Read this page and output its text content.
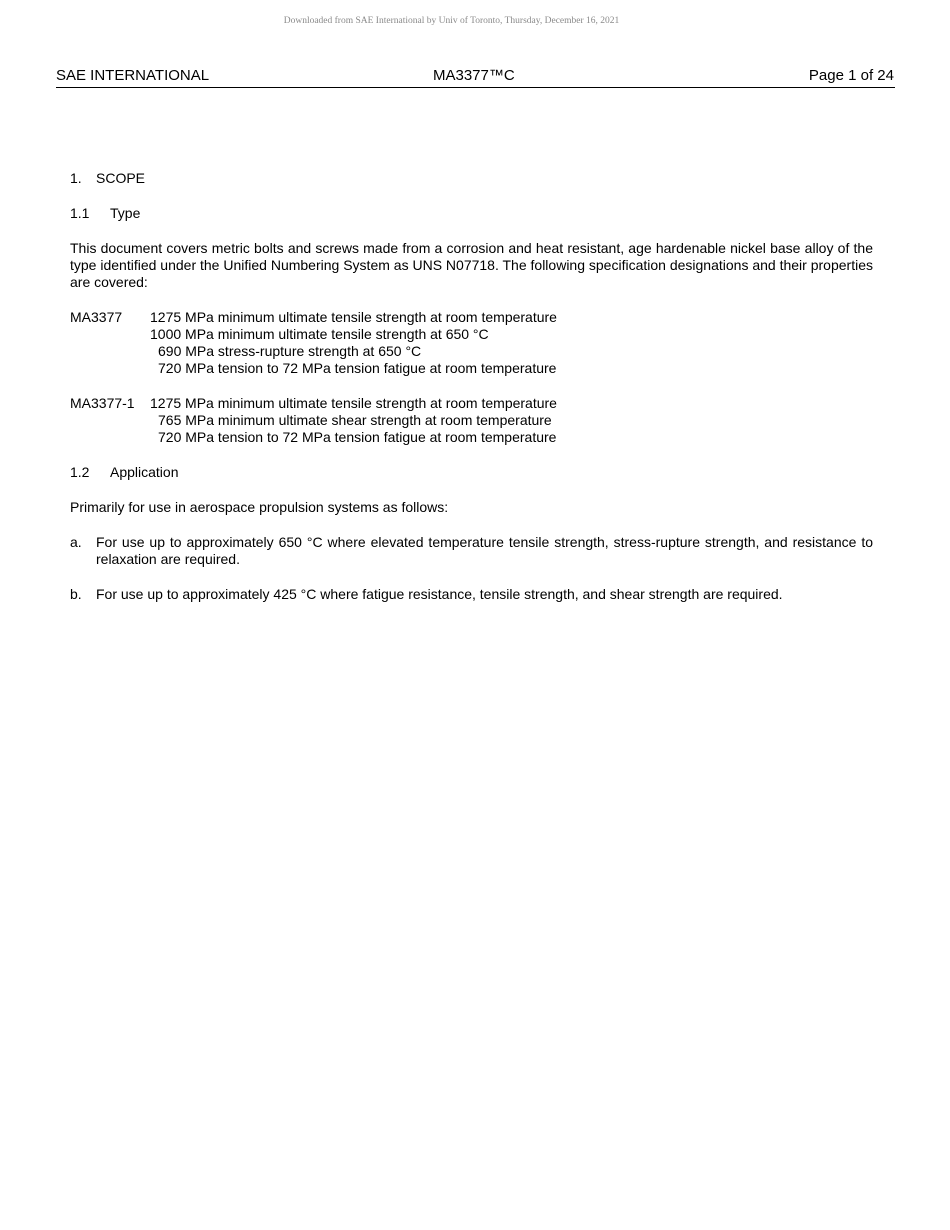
Downloaded from SAE International by Univ of Toronto, Thursday, December 16, 2021
SAE INTERNATIONAL	MA3377™C	Page 1 of 24
1. SCOPE
1.1 Type
This document covers metric bolts and screws made from a corrosion and heat resistant, age hardenable nickel base alloy of the type identified under the Unified Numbering System as UNS N07718. The following specification designations and their properties are covered:
MA3377 1275 MPa minimum ultimate tensile strength at room temperature
1000 MPa minimum ultimate tensile strength at 650 °C
690 MPa stress-rupture strength at 650 °C
720 MPa tension to 72 MPa tension fatigue at room temperature
MA3377-1 1275 MPa minimum ultimate tensile strength at room temperature
765 MPa minimum ultimate shear strength at room temperature
720 MPa tension to 72 MPa tension fatigue at room temperature
1.2 Application
Primarily for use in aerospace propulsion systems as follows:
a. For use up to approximately 650 °C where elevated temperature tensile strength, stress-rupture strength, and resistance to relaxation are required.
b. For use up to approximately 425 °C where fatigue resistance, tensile strength, and shear strength are required.
